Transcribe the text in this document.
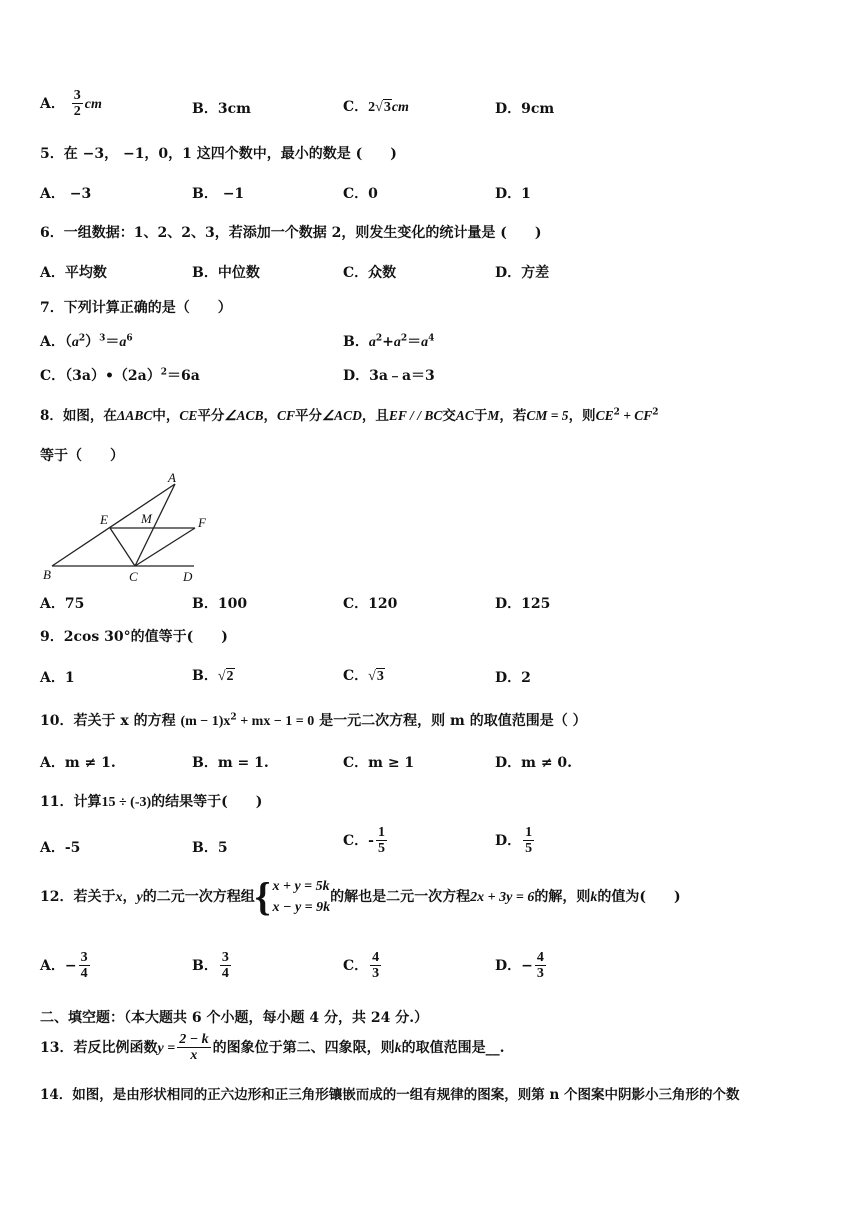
A． $\frac{3}{2}$ cm	B．3cm	C．2√3cm	D．9cm
5．在 −3， −1，0，1 这四个数中，最小的数是 (　　)
A． −3	B． −1	C．0	D．1
6．一组数据：1、2、2、3，若添加一个数据 2，则发生变化的统计量是 (　　)
A．平均数	B．中位数	C．众数	D．方差
7．下列计算正确的是（　　）
A．$(a^2)^3=a^6$	B．$a^2+a^2=a^4$
C．$(3a)•(2a)^2=6a$	D．3a﹣a＝3
8．如图，在ΔABC中，CE平分∠ACB，CF平分∠ACD，且EF / / BC交AC于M，若CM = 5，则$CE^2 + CF^2$
等于（　　）
A
E	M	F
B	C	D
A．75	B．100	C．120	D．125
9．2cos 30°的值等于(　　)
A．1	B．√2	C．√3	D．2
10．若关于 x 的方程 $(m - 1)x^2$ + mx − 1 = 0 是一元二次方程，则 m 的取值范围是（ ）
A．m ≠ 1.	B．m = 1.	C．m ≥ 1	D．m ≠ 0.
11．计算15 ÷ (-3)的结果等于(　　)
A．-5	B．5	C．- $\frac{1}{5}$	D． $\frac{1}{5}$
12．若关于x，y的二元一次方程组{ x + y = 5k
x − y = 9k
的解也是二元一次方程2x + 3y = 6的解，则k的值为(　　)
A．− $\frac{3}{4}$	B． $\frac{3}{4}$	C． $\frac{4}{3}$	D．− $\frac{4}{3}$
二、填空题：（本大题共 6 个小题，每小题 4 分，共 24 分.）
13．若反比例函数$y = \frac{2 - k}{x}$ 的图象位于第二、四象限，则k的取值范围是__.
14．如图，是由形状相同的正六边形和正三角形镶嵌而成的一组有规律的图案，则第 n 个图案中阴影小三角形的个数
